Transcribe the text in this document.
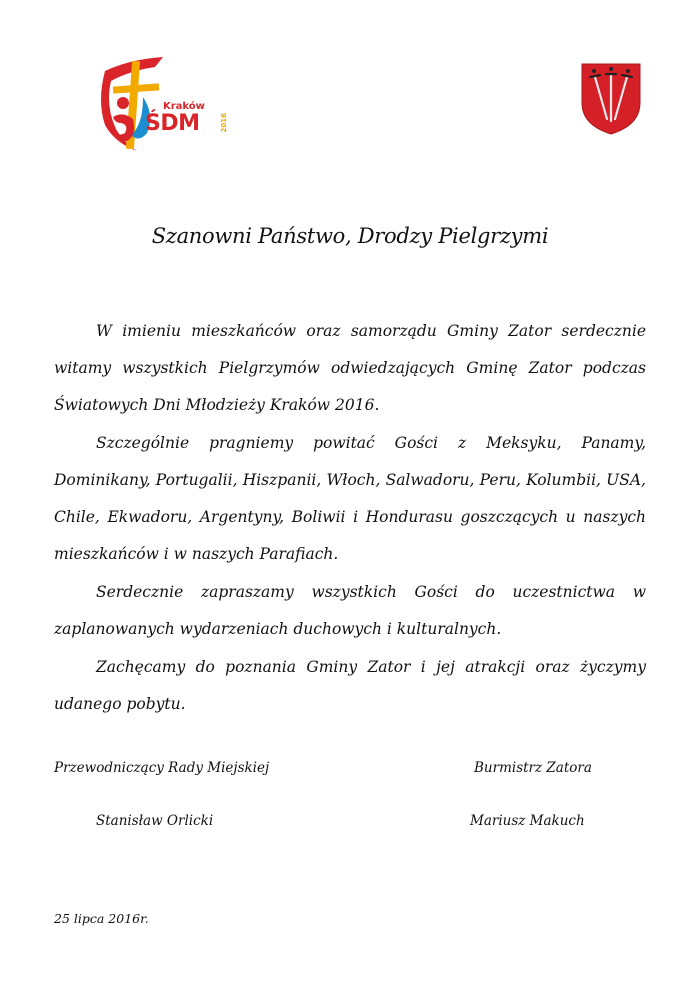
Kraków
ŚDM	2016
Szanowni Państwo, Drodzy Pielgrzymi

W imieniu mieszkańców oraz samorządu Gminy Zator serdecznie witamy wszystkich Pielgrzymów odwiedzających Gminę Zator podczas Światowych Dni Młodzieży Kraków 2016.

Szczególnie pragniemy powitać Gości z Meksyku, Panamy, Dominikany, Portugalii, Hiszpanii, Włoch, Salwadoru, Peru, Kolumbii, USA, Chile, Ekwadoru, Argentyny, Boliwii i Hondurasu goszczących u naszych mieszkańców i w naszych Parafiach.

Serdecznie zapraszamy wszystkich Gości do uczestnictwa w zaplanowanych wydarzeniach duchowych i kulturalnych.

Zachęcamy do poznania Gminy Zator i jej atrakcji oraz życzymy udanego pobytu.

Przewodniczący Rady Miejskiej
Stanisław Orlicki
Burmistrz Zatora
Mariusz Makuch
25 lipca 2016r.
